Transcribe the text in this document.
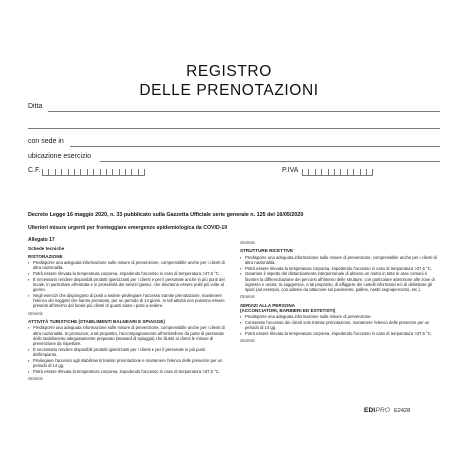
REGISTRO
DELLE PRENOTAZIONI
Ditta
con sede in
ubicazione esercizio
C.F.	P.IVA
Decreto Legge 16 maggio 2020, n. 33 pubblicato sulla Gazzetta Ufficiale serie generale n. 125 del 16/05/2020
Ulteriori misure urgenti per fronteggiare emergenze epidemiologica da COVID-19
Allegato 17
Schede tecniche
RISTORAZIONE
▪ Predisporre una adeguata informazione sulle misure di prevenzione, comprensibile anche per i clienti di altra nazionalità.
▪ Potrà essere rilevata la temperatura corporea, impedendo l'accesso in caso di temperatura >37,5 °C.
▪ È necessario rendere disponibili prodotti igienizzanti per i clienti e per il personale anche in più punti del locale, in particolare all'entrata e in prossimità dei servizi igienici, che dovranno essere puliti più volte al giorno.
▪ Negli esercizi che dispongono di posti a sedere privilegiare l'accesso tramite prenotazione, mantenere l'elenco dei soggetti che hanno prenotato, per un periodo di 14 giorni. In tali attività non possono essere presenti all'interno del locale più clienti di quanti siano i posti a sedere.
Omissis
ATTIVITÀ TURISTICHE (STABILIMENTI BALNEARI E SPIAGGE)
▪ Predisporre una adeguata informazione sulle misure di prevenzione, comprensibile anche per i clienti di altra nazionalità. Si promuove, a tal proposito, l'accompagnamento all'ombrellone da parte di personale dello stabilimento adeguatamente preparato (steward di spiaggia) che illustri ai clienti le misure di prevenzione da rispettare.
▪ È necessario rendere disponibili prodotti igienizzanti per i clienti e per il personale in più punti dell'impianto.
▪ Privilegiare l'accesso agli stabilimenti tramite prenotazione e mantenere l'elenco delle presenze per un periodo di 14 gg.
▪ Potrà essere rilevata la temperatura corporea, impedendo l'accesso in caso di temperatura >37,5 °C.
Omissis
Omissis
STRUTTURE RICETTIVE
▪ Predisporre una adeguata informazione sulle misure di prevenzione, comprensibile anche per i clienti di altra nazionalità.
▪ Potrà essere rilevata la temperatura corporea, impedendo l'accesso in caso di temperatura >37,5 °C.
▪ Garantire il rispetto del distanziamento interpersonale di almeno un metro in tutte le aree comuni e favorire la differenziazione dei percorsi all'interno delle strutture, con particolare attenzione alle zone di ingresso e uscita. Si suggerisce, a tal proposito, di affiggere dei cartelli informativi e/o di delimitare gli spazi (ad esempio, con adesivi da attaccare sul pavimento, palline, nastri segnapercorso, etc.).
Omissis
SERVIZI ALLA PERSONA
(ACCONCIATORI, BARBIERI ED ESTETISTI)
▪ Predisporre una adeguata informazione sulle misure di prevenzione.
▪ Consentire l'accesso dei clienti solo tramite prenotazione, mantenere l'elenco delle presenze per un periodo di 14 gg.
▪ Potrà essere rilevata la temperatura corporea, impedendo l'accesso in caso di temperatura >37,5 °C.
Omissis
EDIPRO E2428
